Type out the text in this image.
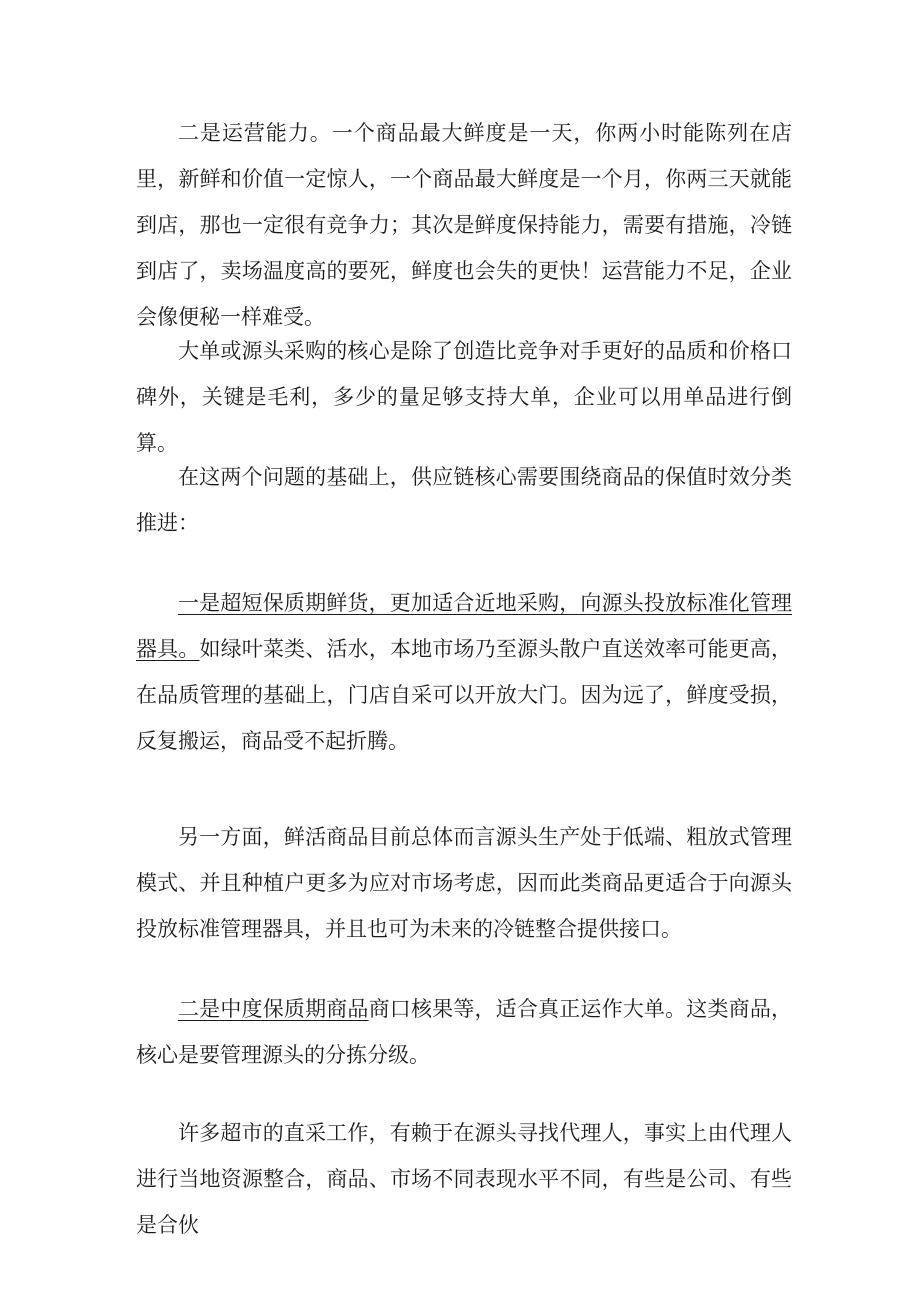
二是运营能力。一个商品最大鲜度是一天，你两小时能陈列在店里，新鲜和价值一定惊人，一个商品最大鲜度是一个月，你两三天就能到店，那也一定很有竞争力；其次是鲜度保持能力，需要有措施，冷链到店了，卖场温度高的要死，鲜度也会失的更快！运营能力不足，企业会像便秘一样难受。

大单或源头采购的核心是除了创造比竞争对手更好的品质和价格口碑外，关键是毛利，多少的量足够支持大单，企业可以用单品进行倒算。

在这两个问题的基础上，供应链核心需要围绕商品的保值时效分类推进：

一是超短保质期鲜货，更加适合近地采购，向源头投放标准化管理器具。如绿叶菜类、活水，本地市场乃至源头散户直送效率可能更高，在品质管理的基础上，门店自采可以开放大门。因为远了，鲜度受损，反复搬运，商品受不起折腾。

另一方面，鲜活商品目前总体而言源头生产处于低端、粗放式管理模式、并且种植户更多为应对市场考虑，因而此类商品更适合于向源头投放标准管理器具，并且也可为未来的冷链整合提供接口。

二是中度保质期商品商口核果等，适合真正运作大单。这类商品，核心是要管理源头的分拣分级。

许多超市的直采工作，有赖于在源头寻找代理人，事实上由代理人进行当地资源整合，商品、市场不同表现水平不同，有些是公司、有些是合伙
